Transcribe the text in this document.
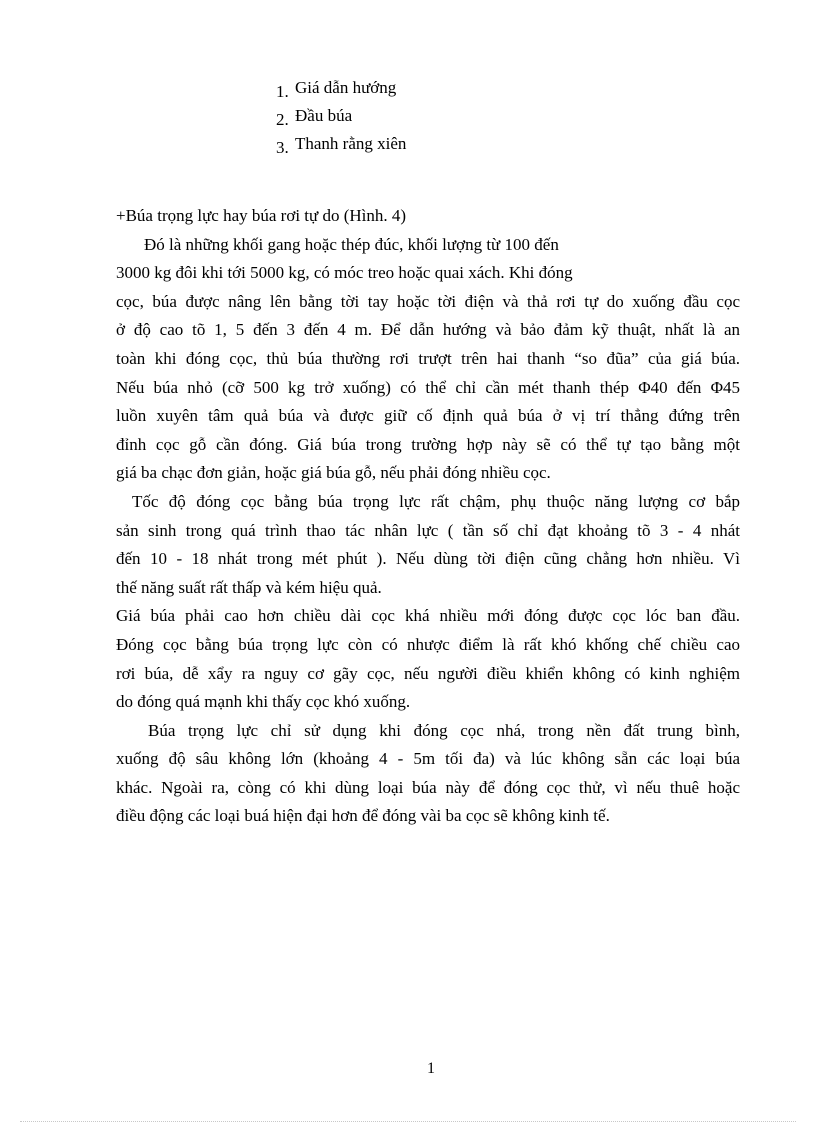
1. Giá dẫn hướng
2. Đầu búa
3. Thanh rằng xiên
+Búa trọng lực hay búa rơi tự do (Hình. 4)

Đó là những khối gang hoặc thép đúc, khối lượng từ 100 đến
3000 kg đôi khi tới 5000 kg, có móc treo hoặc quai xách. Khi đóng
cọc, búa được nâng lên bằng tời tay hoặc tời điện và thả rơi tự do xuống đầu cọc
ở độ cao tõ 1, 5 đến 3 đến 4 m. Để dẫn hướng và bảo đảm kỹ thuật, nhất là an
toàn khi đóng cọc, thủ búa thường rơi trượt trên hai thanh “so đũa” của giá búa.
Nếu búa nhỏ (cỡ 500 kg trở xuống) có thể chỉ cần mét thanh thép Φ40 đến Φ45
luồn xuyên tâm quả búa và được giữ cố định quả búa ở vị trí thẳng đứng trên
đỉnh cọc gỗ cần đóng. Giá búa trong trường hợp này sẽ có thể tự tạo bằng một
giá ba chạc đơn giản, hoặc giá búa gỗ, nếu phải đóng nhiều cọc.

Tốc độ đóng cọc bằng búa trọng lực rất chậm, phụ thuộc năng lượng cơ bắp
sản sinh trong quá trình thao tác nhân lực ( tần số chỉ đạt khoảng tõ 3 - 4 nhát
đến 10 - 18 nhát trong mét phút ). Nếu dùng tời điện cũng chẳng hơn nhiều. Vì
thế năng suất rất thấp và kém hiệu quả.

Giá búa phải cao hơn chiều dài cọc khá nhiều mới đóng được cọc lóc ban đầu.
Đóng cọc bằng búa trọng lực còn có nhược điểm là rất khó khống chế chiều cao
rơi búa, dễ xẩy ra nguy cơ gãy cọc, nếu người điều khiển không có kinh nghiệm
do đóng quá mạnh khi thấy cọc khó xuống.

Búa trọng lực chỉ sử dụng khi đóng cọc nhá, trong nền đất trung bình,
xuống độ sâu không lớn (khoảng 4 - 5m tối đa) và lúc không sẵn các loại búa
khác. Ngoài ra, còng có khi dùng loại búa này để đóng cọc thử, vì nếu thuê hoặc
điều động các loại buá hiện đại hơn để đóng vài ba cọc sẽ không kinh tế.

1
